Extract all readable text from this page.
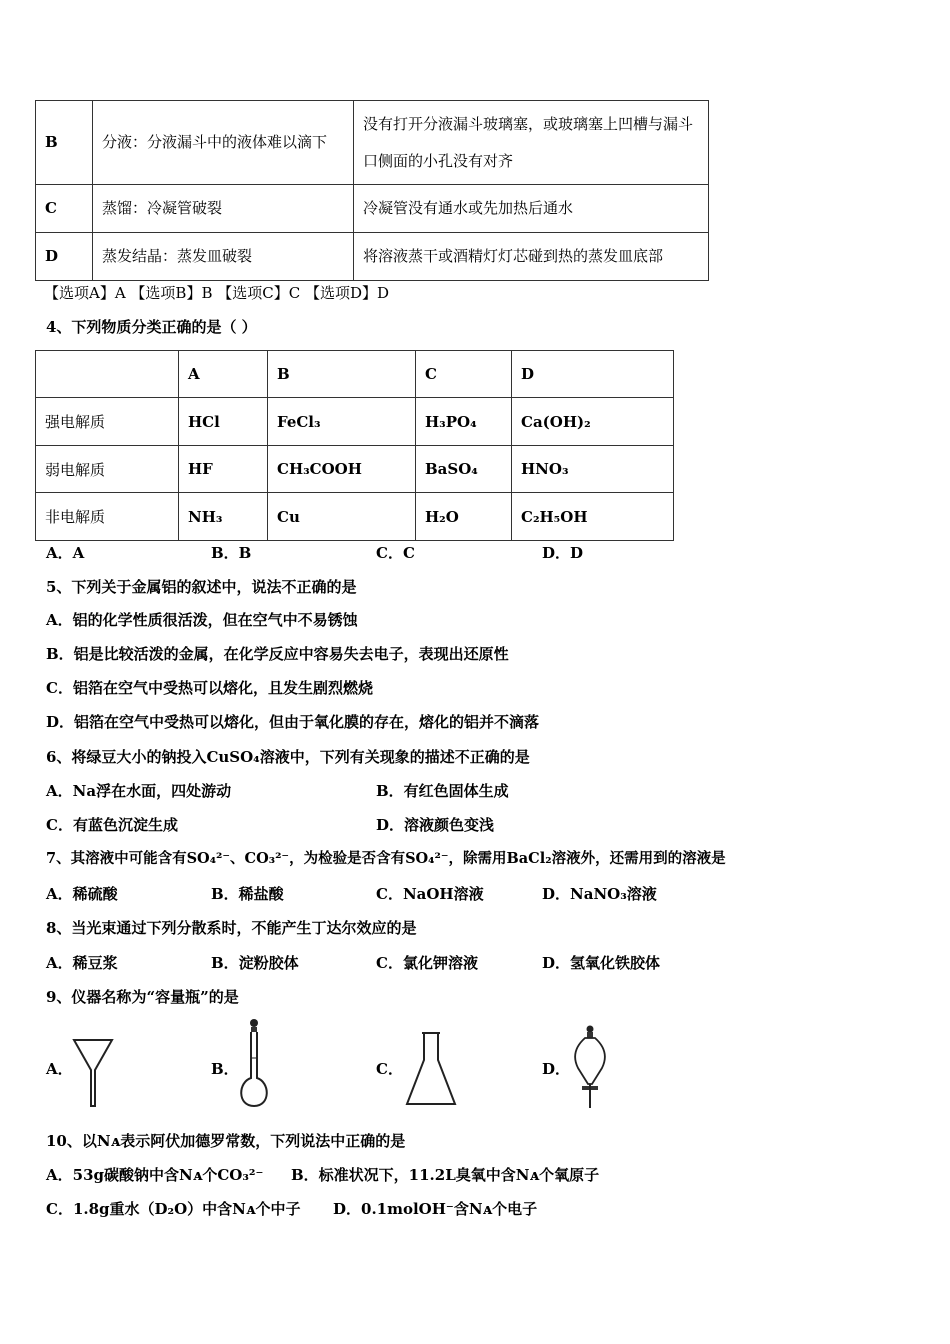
B	分液：分液漏斗中的液体难以滴下	没有打开分液漏斗玻璃塞，或玻璃塞上凹槽与漏斗口侧面的小孔没有对齐
C	蒸馏：冷凝管破裂	冷凝管没有通水或先加热后通水
D	蒸发结晶：蒸发皿破裂	将溶液蒸干或酒精灯灯芯碰到热的蒸发皿底部
【选项A】A 【选项B】B 【选项C】C 【选项D】D
4、下列物质分类正确的是（ ）
	A	B	C	D
强电解质	HCl	FeCl₃	H₃PO₄	Ca(OH)₂
弱电解质	HF	CH₃COOH	BaSO₄	HNO₃
非电解质	NH₃	Cu	H₂O	C₂H₅OH
A．A	B．B	C．C	D．D
5、下列关于金属铝的叙述中，说法不正确的是
A．铝的化学性质很活泼，但在空气中不易锈蚀
B．铝是比较活泼的金属，在化学反应中容易失去电子，表现出还原性
C．铝箔在空气中受热可以熔化，且发生剧烈燃烧
D．铝箔在空气中受热可以熔化，但由于氧化膜的存在，熔化的铝并不滴落
6、将绿豆大小的钠投入CuSO₄溶液中，下列有关现象的描述不正确的是
A．Na浮在水面，四处游动	B．有红色固体生成
C．有蓝色沉淀生成	D．溶液颜色变浅
7、其溶液中可能含有SO₄²⁻、CO₃²⁻，为检验是否含有SO₄²⁻，除需用BaCl₂溶液外，还需用到的溶液是
A．稀硫酸	B．稀盐酸	C．NaOH溶液	D．NaNO₃溶液
8、当光束通过下列分散系时，不能产生丁达尔效应的是
A．稀豆浆	B．淀粉胶体	C．氯化钾溶液	D．氢氧化铁胶体
9、仪器名称为“容量瓶”的是
A．	B．	C．	D．
10、以Nᴀ表示阿伏加德罗常数，下列说法中正确的是
A．53g碳酸钠中含Nᴀ个CO₃²⁻ B．标准状况下，11.2L臭氧中含Nᴀ个氧原子
C．1.8g重水（D₂O）中含Nᴀ个中子 D．0.1molOH⁻含Nᴀ个电子
